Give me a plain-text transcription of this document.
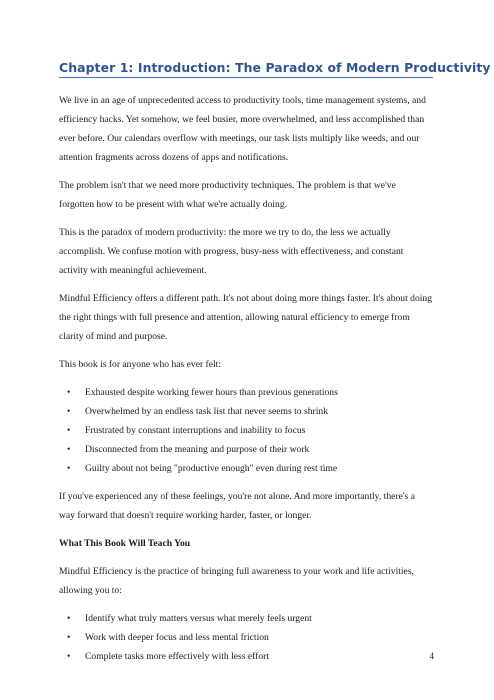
Chapter 1: Introduction: The Paradox of Modern Productivity

We live in an age of unprecedented access to productivity tools, time management systems, and efficiency hacks. Yet somehow, we feel busier, more overwhelmed, and less accomplished than ever before. Our calendars overflow with meetings, our task lists multiply like weeds, and our attention fragments across dozens of apps and notifications.

The problem isn't that we need more productivity techniques. The problem is that we've forgotten how to be present with what we're actually doing.

This is the paradox of modern productivity: the more we try to do, the less we actually accomplish. We confuse motion with progress, busy-ness with effectiveness, and constant activity with meaningful achievement.

Mindful Efficiency offers a different path. It's not about doing more things faster. It's about doing the right things with full presence and attention, allowing natural efficiency to emerge from clarity of mind and purpose.

This book is for anyone who has ever felt:

• Exhausted despite working fewer hours than previous generations
• Overwhelmed by an endless task list that never seems to shrink
• Frustrated by constant interruptions and inability to focus
• Disconnected from the meaning and purpose of their work
• Guilty about not being "productive enough" even during rest time

If you've experienced any of these feelings, you're not alone. And more importantly, there's a way forward that doesn't require working harder, faster, or longer.

What This Book Will Teach You

Mindful Efficiency is the practice of bringing full awareness to your work and life activities, allowing you to:

• Identify what truly matters versus what merely feels urgent
• Work with deeper focus and less mental friction
• Complete tasks more effectively with less effort	4
